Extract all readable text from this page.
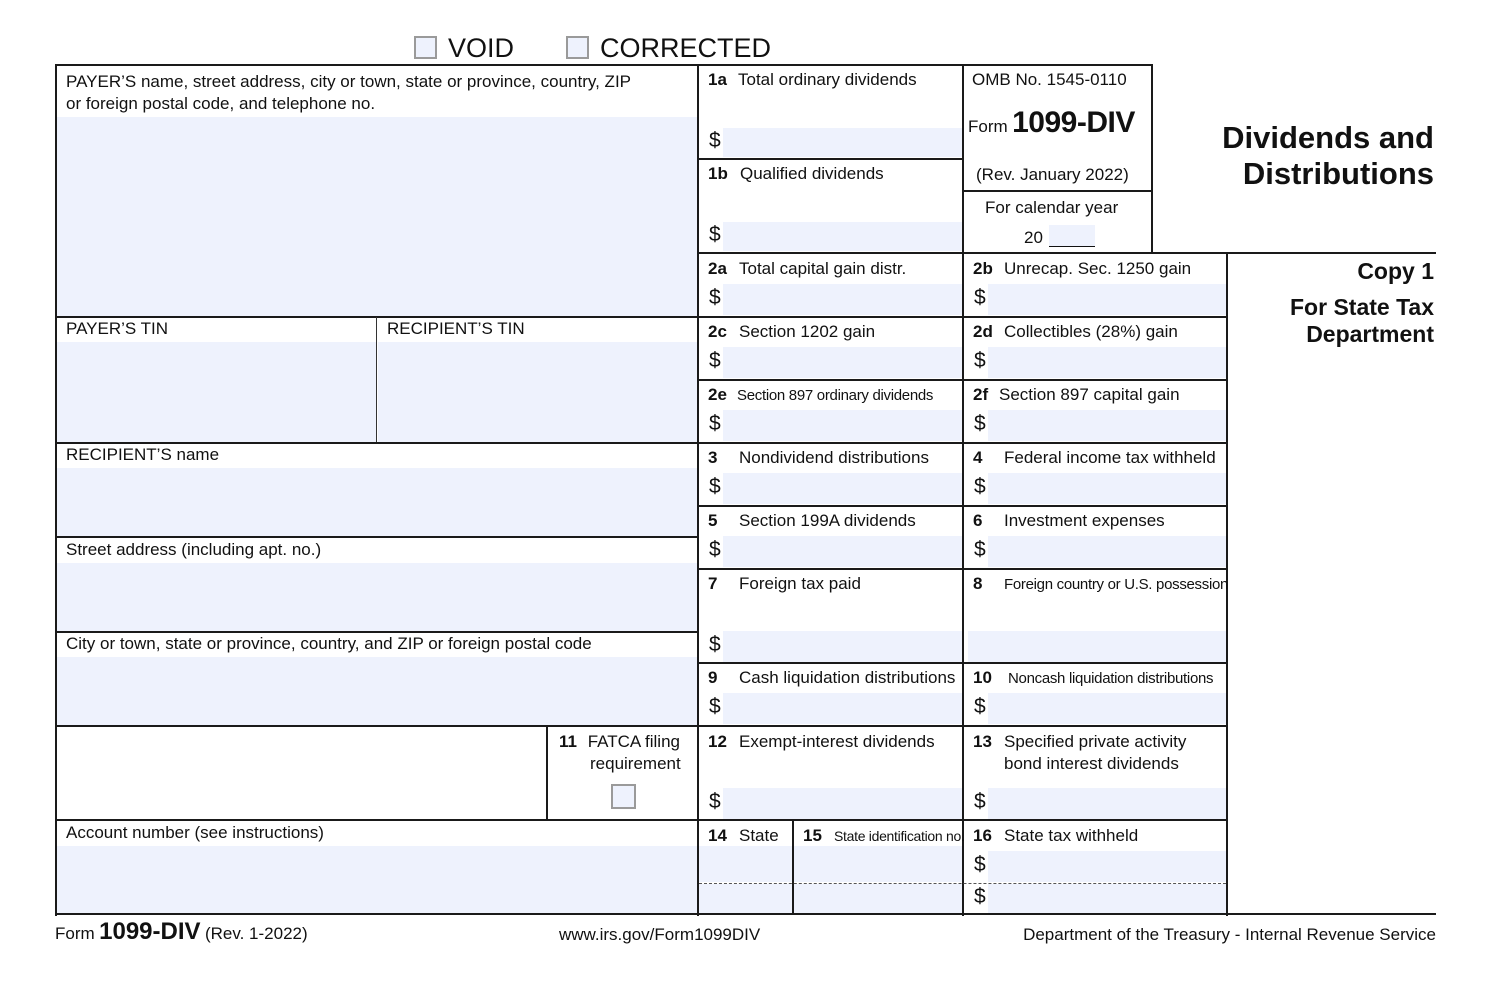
VOID	CORRECTED
PAYER’S name, street address, city or town, state or province, country, ZIP
or foreign postal code, and telephone no.
PAYER’S TIN	RECIPIENT’S TIN
RECIPIENT’S name
Street address (including apt. no.)
City or town, state or province, country, and ZIP or foreign postal code
11 FATCA filing
requirement
Account number (see instructions)
1a Total ordinary dividends
$
1b Qualified dividends
$
OMB No. 1545-0110
Form 1099-DIV
(Rev. January 2022)
For calendar year
20
Dividends and
Distributions
Copy 1
For State Tax
Department
2a Total capital gain distr.
$
2b Unrecap. Sec. 1250 gain
$
2c Section 1202 gain
$
2d Collectibles (28%) gain
$
2e Section 897 ordinary dividends
$
2f Section 897 capital gain
$
3 Nondividend distributions
$
4 Federal income tax withheld
$
5 Section 199A dividends
$
6 Investment expenses
$
7 Foreign tax paid
$
8 Foreign country or U.S. possession
9 Cash liquidation distributions
$
10 Noncash liquidation distributions
$
12 Exempt-interest dividends
$
13 Specified private activity
bond interest dividends
$
14 State 15 State identification no. 16 State tax withheld
$
$
Form 1099-DIV (Rev. 1-2022)	www.irs.gov/Form1099DIV	Department of the Treasury - Internal Revenue Service
